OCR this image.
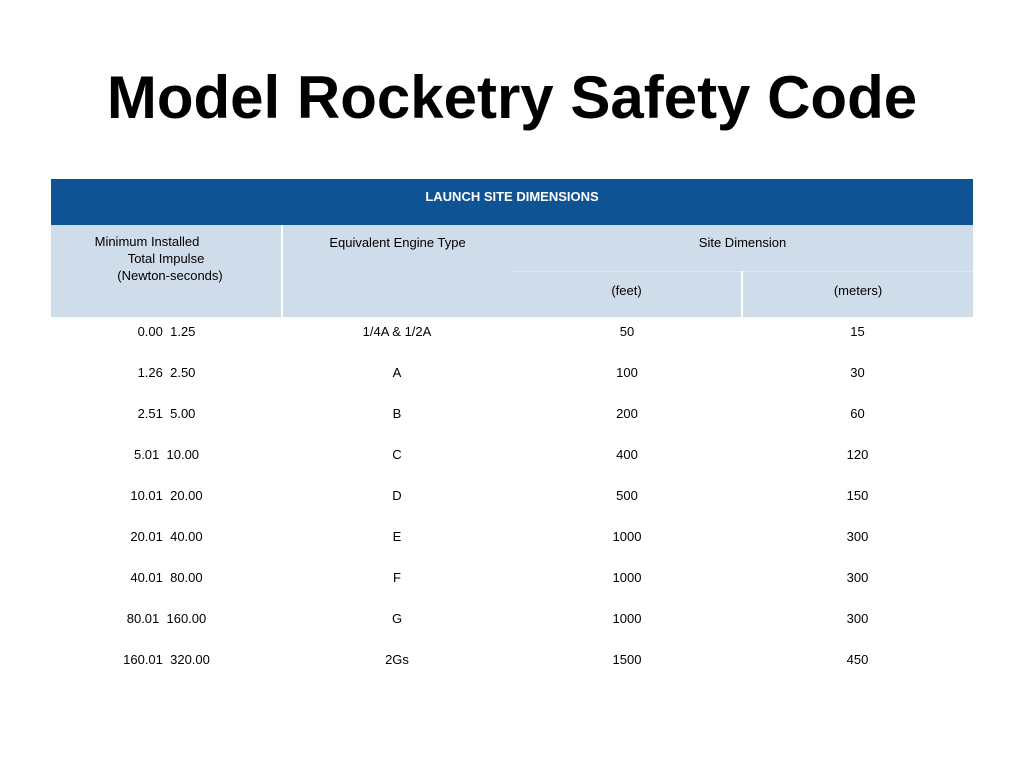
Model Rocketry Safety Code
LAUNCH SITE DIMENSIONS			

Minimum Installed
Total Impulse
(Newton-seconds)	Equivalent Engine Type	Site Dimension	
		(feet)	(meters)
0.00  1.25	1/4A & 1/2A	50	15
1.26  2.50	A	100	30
2.51  5.00	B	200	60
5.01  10.00	C	400	120
10.01  20.00	D	500	150
20.01  40.00	E	1000	300
40.01  80.00	F	1000	300
80.01  160.00	G	1000	300
160.01  320.00	2Gs	1500	450
